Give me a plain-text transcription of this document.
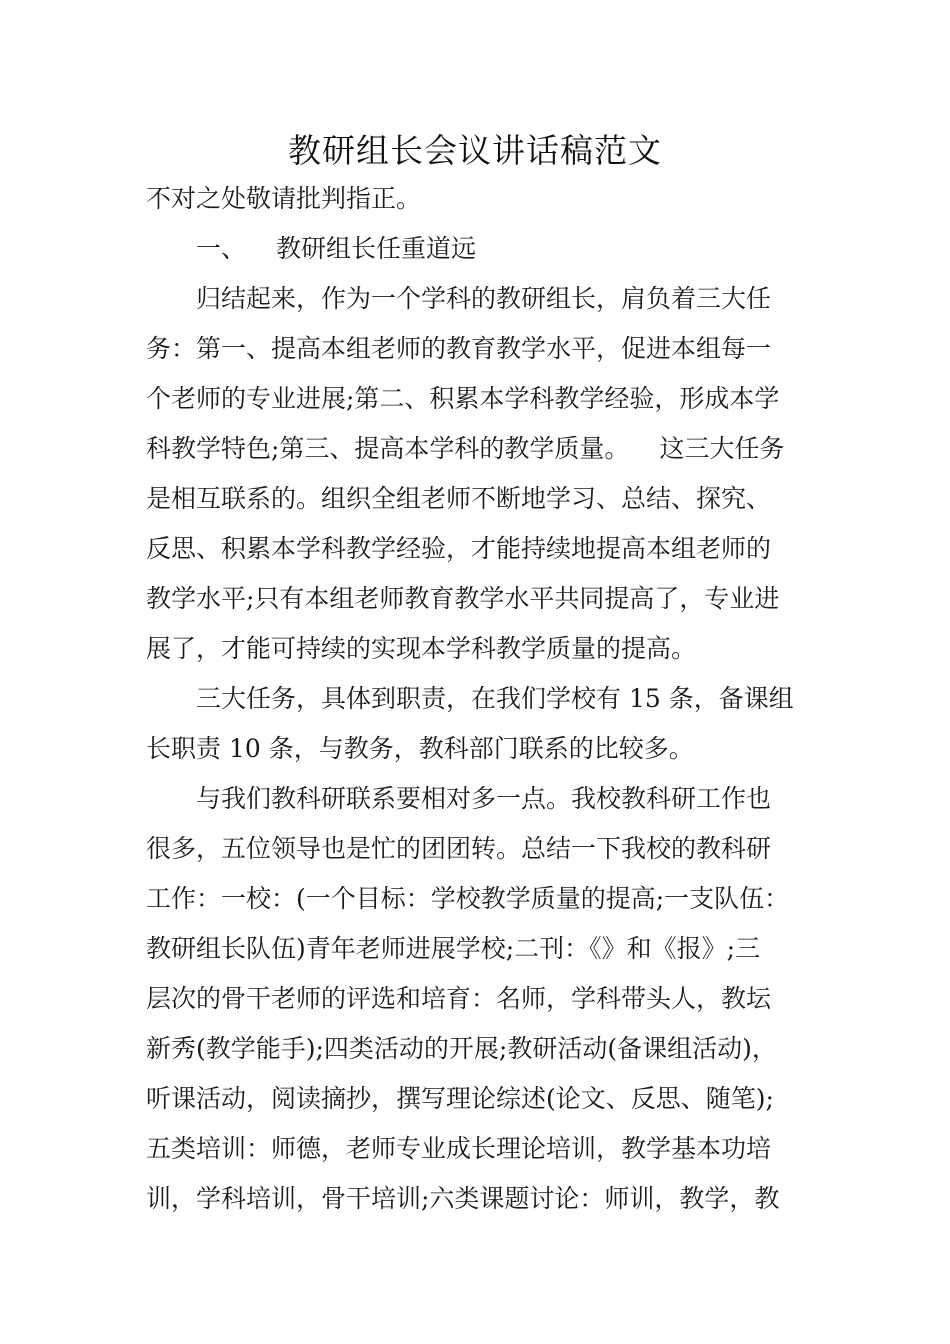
教研组长会议讲话稿范文
不对之处敬请批判指正。
一、 教研组长任重道远
归结起来，作为一个学科的教研组长，肩负着三大任
务：第一、提高本组老师的教育教学水平，促进本组每一
个老师的专业进展;第二、积累本学科教学经验，形成本学
科教学特色;第三、提高本学科的教学质量。 这三大任务
是相互联系的。组织全组老师不断地学习、总结、探究、
反思、积累本学科教学经验，才能持续地提高本组老师的
教学水平;只有本组老师教育教学水平共同提高了，专业进
展了，才能可持续的实现本学科教学质量的提高。
三大任务，具体到职责，在我们学校有 15 条，备课组
长职责 10 条，与教务，教科部门联系的比较多。
与我们教科研联系要相对多一点。我校教科研工作也
很多，五位领导也是忙的团团转。总结一下我校的教科研
工作：一校：(一个目标：学校教学质量的提高;一支队伍：
教研组长队伍)青年老师进展学校;二刊：《》和《报》;三
层次的骨干老师的评选和培育：名师，学科带头人，教坛
新秀(教学能手);四类活动的开展;教研活动(备课组活动)，
听课活动，阅读摘抄，撰写理论综述(论文、反思、随笔);
五类培训：师德，老师专业成长理论培训，教学基本功培
训，学科培训，骨干培训;六类课题讨论：师训，教学，教
